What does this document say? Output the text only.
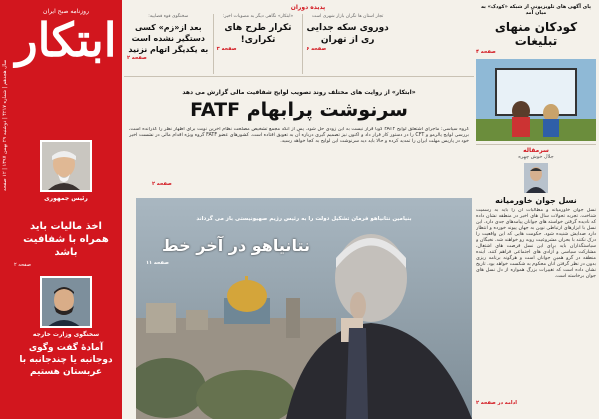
سال هجدهم | شماره ۴۲۱۷ | دوشنبه ۲۹ بهمن ۱۳۹۷ | ۱۲ صفحه
روزنامه صبح ایران
ابتکار
رئیس جمهوری
اخذ مالیات باید همراه با شفافیت باشد
صفحه ۲
سخنگوی وزارت خارجه
آمادۀ گفت وگوی دوجانبه یا چندجانبه با عربستان هستیم
پدیده دوران
تجار استان ها نگران بازار شهری است
دوروی سکه جدایی ری از تهران
صفحه ۶
«ابتکار» نگاهی دیگر به مصوبات اخیر:
تکرار طرح های تکراری!
صفحه ۳
سخنگوی قوه قضاییه:
بعد از«زم» کسی دستگیر نشده است به یکدیگر اتهام نزنید
صفحه ۲
«ابتکار» از روایت های مختلف روند تصویب لوایح شفافیت مالی گزارش می دهد
سرنوشت پرابهام FATF
گروه سیاسی: ماجرای اشتعلق لوایح FATF گویا قرار نیست به این زودی حل شود. پس از آنکه مجمع تشخیص مصلحت نظام آخرین نوبت برای اظهار نظر را گذرانده است، بررسی لوایح پالرمو و CFT را در دستور کار قرار داد و اکنون نیز تصمیم گیری درباره آن به تعویق افتاده است. کشورهای عضو FATF گروه ویژه اقدام مالی در نشست اخیر خود در پاریس مهلت ایران را تمدید کرده و حالا باید دید سرنوشت این لوایح به کجا خواهد رسید.
صفحه ۲
بنیامین نتانیاهو فرمان تشکیل دولت را به رئیس رژیم صهیونیستی باز می گرداند
نتانیاهو در آخر خط
صفحه ۱۱
پای آگهی های تلویزیونی از شبکه «کودک» به میان آمد
کودکان منهای تبلیغات
صفحه ۴
سرمقاله
جلال خوش چهره
نسل جوان خاورمیانه
نسل جوان خاورمیانه و مطالبات آن را باید به رسمیت شناخت. تجربه تحولات سال های اخیر در منطقه نشان داده که نادیده گرفتن خواسته های جوانان پیامدهای جدی دارد. این نسل با ابزارهای ارتباطی نوین به جهان پیوند خورده و انتظار دارد صدایش شنیده شود. حکومت هایی که این واقعیت را درک نکنند با بحران مشروعیت روبه رو خواهند شد. نخبگان و سیاستگذاران باید برای این نسل فرصت های اشتغال، مشارکت سیاسی و آزادی های اجتماعی فراهم کنند. آینده منطقه در گرو همین جوانان است و هرگونه برنامه ریزی بدون در نظر گرفتن آنان محکوم به شکست خواهد بود. تاریخ نشان داده است که تغییرات بزرگ همواره از دل نسل های جوان برخاسته است.
ادامه در صفحه ۲
